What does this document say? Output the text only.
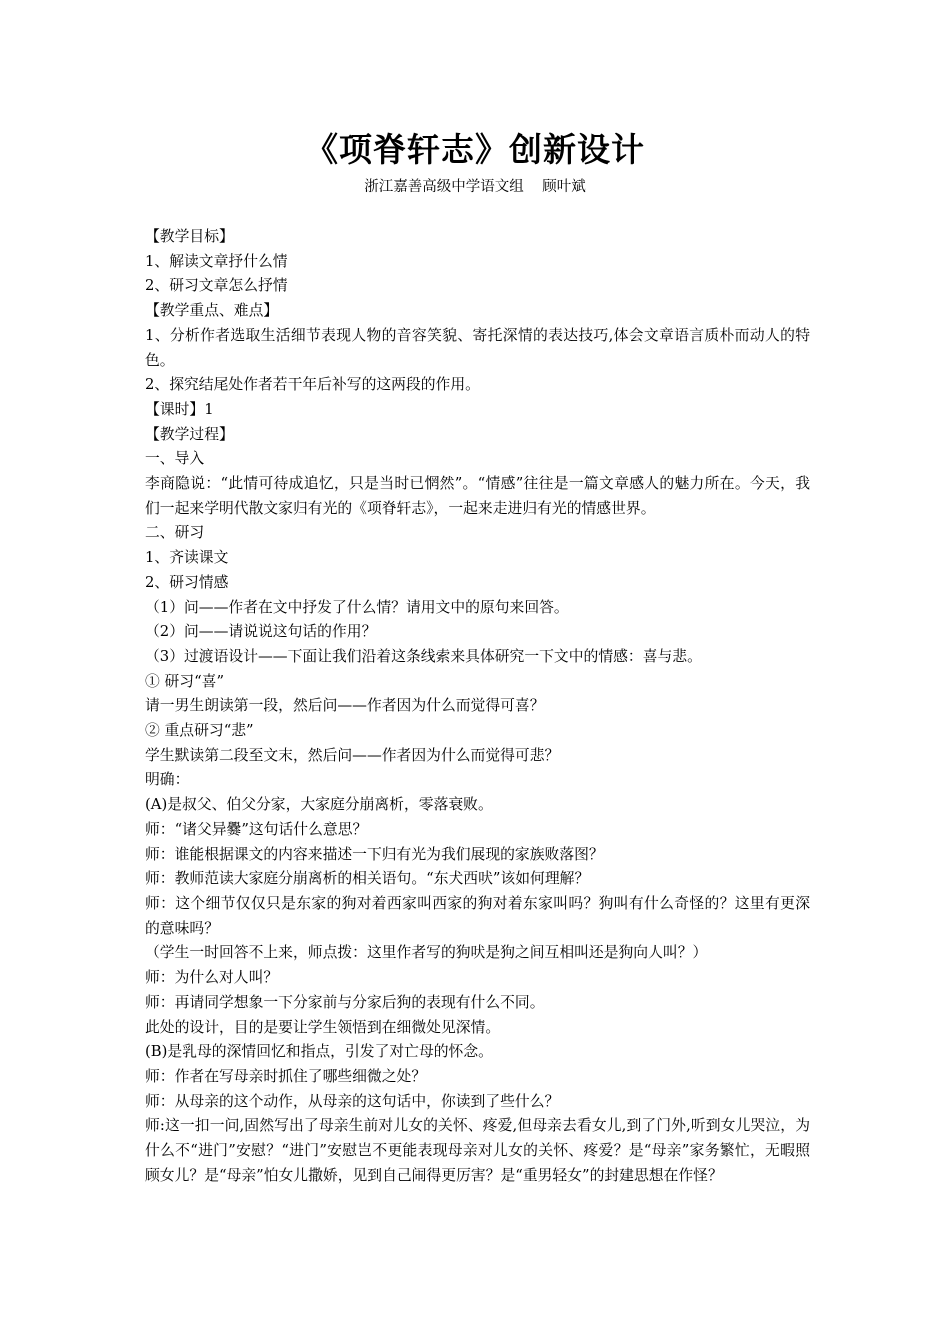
《项脊轩志》创新设计
浙江嘉善高级中学语文组    顾叶斌

【教学目标】

1、解读文章抒什么情

2、研习文章怎么抒情

【教学重点、难点】

1、分析作者选取生活细节表现人物的音容笑貌、寄托深情的表达技巧,体会文章语言质朴而动人的特色。

2、探究结尾处作者若干年后补写的这两段的作用。

【课时】1

【教学过程】

一、导入

李商隐说：“此情可待成追忆，只是当时已惘然”。“情感”往往是一篇文章感人的魅力所在。今天，我们一起来学明代散文家归有光的《项脊轩志》，一起来走进归有光的情感世界。

二、研习

1、齐读课文

2、研习情感

（1）问——作者在文中抒发了什么情？请用文中的原句来回答。

（2）问——请说说这句话的作用？

（3）过渡语设计——下面让我们沿着这条线索来具体研究一下文中的情感：喜与悲。

① 研习“喜”

请一男生朗读第一段，然后问——作者因为什么而觉得可喜？

② 重点研习“悲”

学生默读第二段至文末，然后问——作者因为什么而觉得可悲？

明确：

(A)是叔父、伯父分家，大家庭分崩离析，零落衰败。

师：“诸父异爨”这句话什么意思？

师：谁能根据课文的内容来描述一下归有光为我们展现的家族败落图？

师：教师范读大家庭分崩离析的相关语句。“东犬西吠”该如何理解？

师：这个细节仅仅只是东家的狗对着西家叫西家的狗对着东家叫吗？狗叫有什么奇怪的？这里有更深的意味吗？

（学生一时回答不上来，师点拨：这里作者写的狗吠是狗之间互相叫还是狗向人叫？）

师：为什么对人叫？

师：再请同学想象一下分家前与分家后狗的表现有什么不同。

此处的设计，目的是要让学生领悟到在细微处见深情。

(B)是乳母的深情回忆和指点，引发了对亡母的怀念。

师：作者在写母亲时抓住了哪些细微之处？

师：从母亲的这个动作，从母亲的这句话中，你读到了些什么？

师:这一扣一问,固然写出了母亲生前对儿女的关怀、疼爱,但母亲去看女儿,到了门外,听到女儿哭泣，为什么不“进门”安慰？“进门”安慰岂不更能表现母亲对儿女的关怀、疼爱？是“母亲”家务繁忙，无暇照顾女儿？是“母亲”怕女儿撒娇，见到自己闹得更厉害？是“重男轻女”的封建思想在作怪？
